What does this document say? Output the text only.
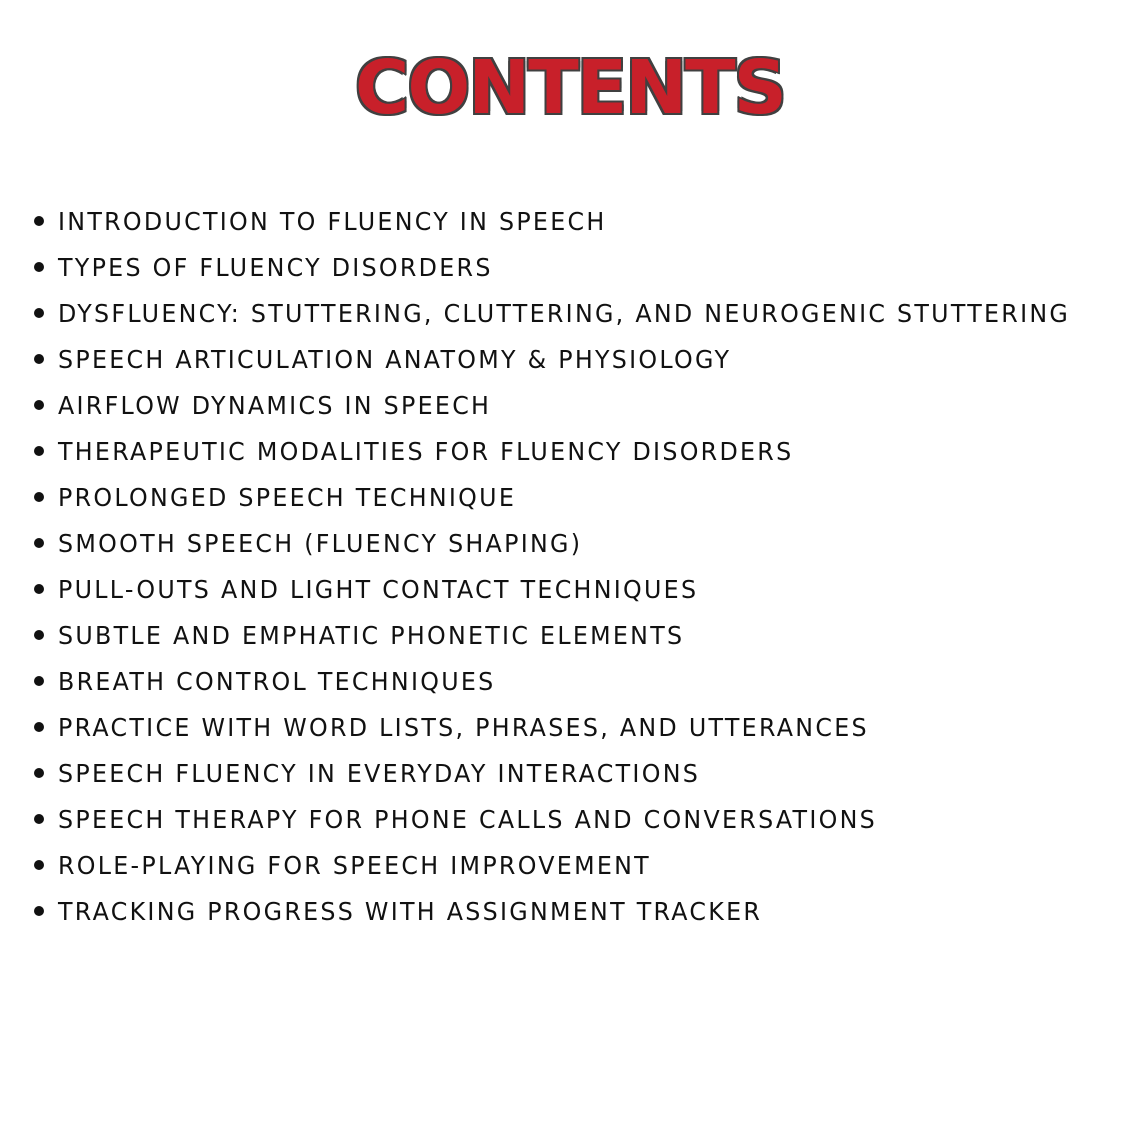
CONTENTS
INTRODUCTION TO FLUENCY IN SPEECH
TYPES OF FLUENCY DISORDERS
DYSFLUENCY: STUTTERING, CLUTTERING, AND NEUROGENIC STUTTERING
SPEECH ARTICULATION ANATOMY & PHYSIOLOGY
AIRFLOW DYNAMICS IN SPEECH
THERAPEUTIC MODALITIES FOR FLUENCY DISORDERS
PROLONGED SPEECH TECHNIQUE
SMOOTH SPEECH (FLUENCY SHAPING)
PULL-OUTS AND LIGHT CONTACT TECHNIQUES
SUBTLE AND EMPHATIC PHONETIC ELEMENTS
BREATH CONTROL TECHNIQUES
PRACTICE WITH WORD LISTS, PHRASES, AND UTTERANCES
SPEECH FLUENCY IN EVERYDAY INTERACTIONS
SPEECH THERAPY FOR PHONE CALLS AND CONVERSATIONS
ROLE-PLAYING FOR SPEECH IMPROVEMENT
TRACKING PROGRESS WITH ASSIGNMENT TRACKER
